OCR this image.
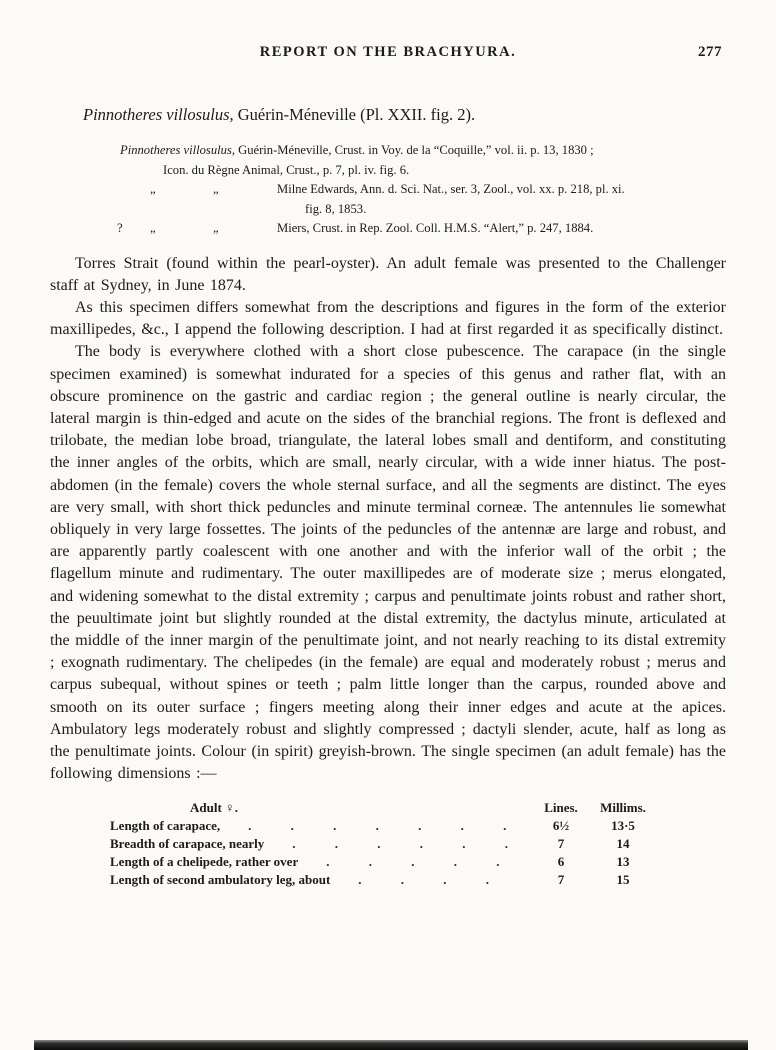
REPORT ON THE BRACHYURA.	277
Pinnotheres villosulus, Guérin-Méneville (Pl. XXII. fig. 2).
Pinnotheres villosulus, Guérin-Méneville, Crust. in Voy. de la “Coquille,” vol. ii. p. 13, 1830 ;
Icon. du Règne Animal, Crust., p. 7, pl. iv. fig. 6.
„	„	Milne Edwards, Ann. d. Sci. Nat., ser. 3, Zool., vol. xx. p. 218, pl. xi.
fig. 8, 1853.
? „	„	Miers, Crust. in Rep. Zool. Coll. H.M.S. “Alert,” p. 247, 1884.

Torres Strait (found within the pearl-oyster). An adult female was presented to the Challenger staff at Sydney, in June 1874.

As this specimen differs somewhat from the descriptions and figures in the form of the exterior maxillipedes, &c., I append the following description. I had at first regarded it as specifically distinct.

The body is everywhere clothed with a short close pubescence. The carapace (in the single specimen examined) is somewhat indurated for a species of this genus and rather flat, with an obscure prominence on the gastric and cardiac region ; the general outline is nearly circular, the lateral margin is thin-edged and acute on the sides of the branchial regions. The front is deflexed and trilobate, the median lobe broad, triangulate, the lateral lobes small and dentiform, and constituting the inner angles of the orbits, which are small, nearly circular, with a wide inner hiatus. The post-abdomen (in the female) covers the whole sternal surface, and all the segments are distinct. The eyes are very small, with short thick peduncles and minute terminal corneæ. The antennules lie somewhat obliquely in very large fossettes. The joints of the peduncles of the antennæ are large and robust, and are apparently partly coalescent with one another and with the inferior wall of the orbit ; the flagellum minute and rudimentary. The outer maxillipedes are of moderate size ; merus elongated, and widening somewhat to the distal extremity ; carpus and penultimate joints robust and rather short, the peuultimate joint but slightly rounded at the distal extremity, the dactylus minute, articulated at the middle of the inner margin of the penultimate joint, and not nearly reaching to its distal extremity ; exognath rudimentary. The chelipedes (in the female) are equal and moderately robust ; merus and carpus subequal, without spines or teeth ; palm little longer than the carpus, rounded above and smooth on its outer surface ; fingers meeting along their inner edges and acute at the apices. Ambulatory legs moderately robust and slightly compressed ; dactyli slender, acute, half as long as the penultimate joints. Colour (in spirit) greyish-brown. The single specimen (an adult female) has the following dimensions :—

Adult ♀.	Lines.	Millims.
Length of carapace, . . . . . . .	6½	13·5
Breadth of carapace, nearly . . . . . .	7	14
Length of a chelipede, rather over . . . . .	6	13
Length of second ambulatory leg, about . . . .	7	15
